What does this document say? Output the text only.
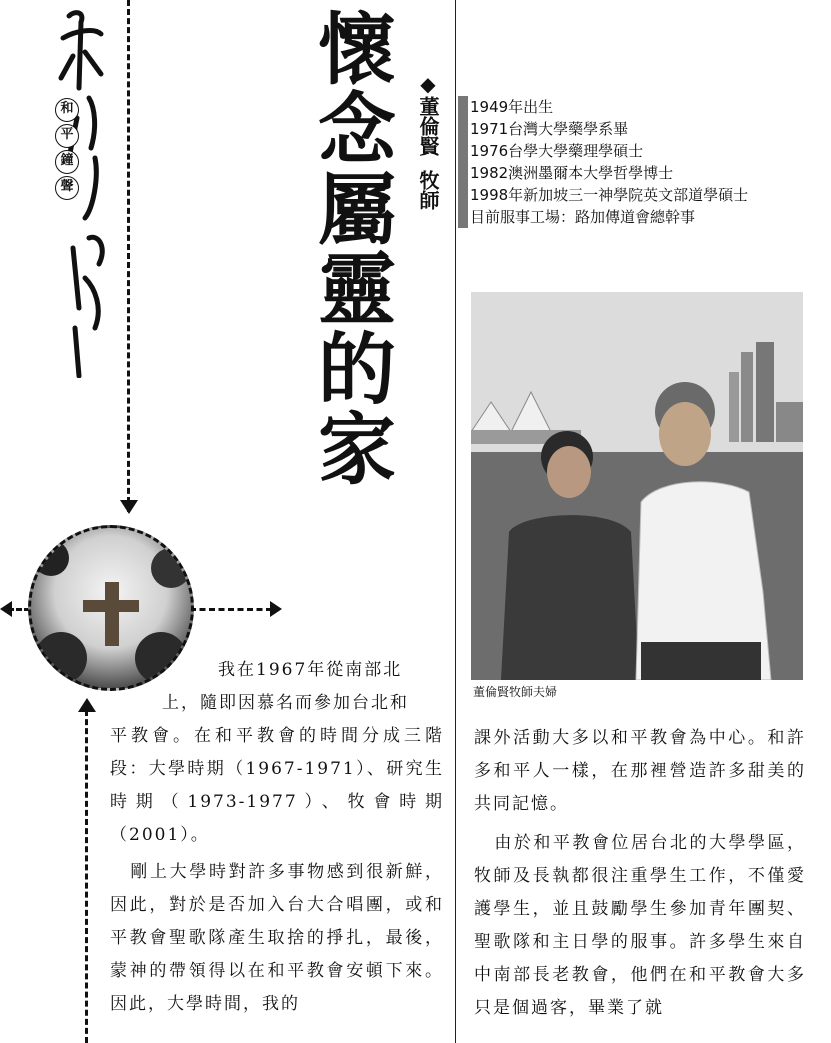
和
平
鐘
聲	懷念屬靈的家	◆董倫賢牧師
1949年出生
1971台灣大學藥學系畢
1976台學大學藥理學碩士
1982澳洲墨爾本大學哲學博士
1998年新加坡三一神學院英文部道學碩士
目前服事工場：路加傳道會總幹事
董倫賢牧師夫婦
我在1967年從南部北
上，隨即因慕名而參加台北和

平教會。在和平教會的時間分成三階段：大學時期（1967-1971）、研究生時期（1973-1977）、牧會時期（2001）。

剛上大學時對許多事物感到很新鮮，因此，對於是否加入台大合唱團，或和平教會聖歌隊產生取捨的掙扎，最後，蒙神的帶領得以在和平教會安頓下來。因此，大學時間，我的

課外活動大多以和平教會為中心。和許多和平人一樣，在那裡營造許多甜美的共同記憶。

由於和平教會位居台北的大學學區，牧師及長執都很注重學生工作，不僅愛護學生，並且鼓勵學生參加青年團契、聖歌隊和主日學的服事。許多學生來自中南部長老教會，他們在和平教會大多只是個過客，畢業了就
